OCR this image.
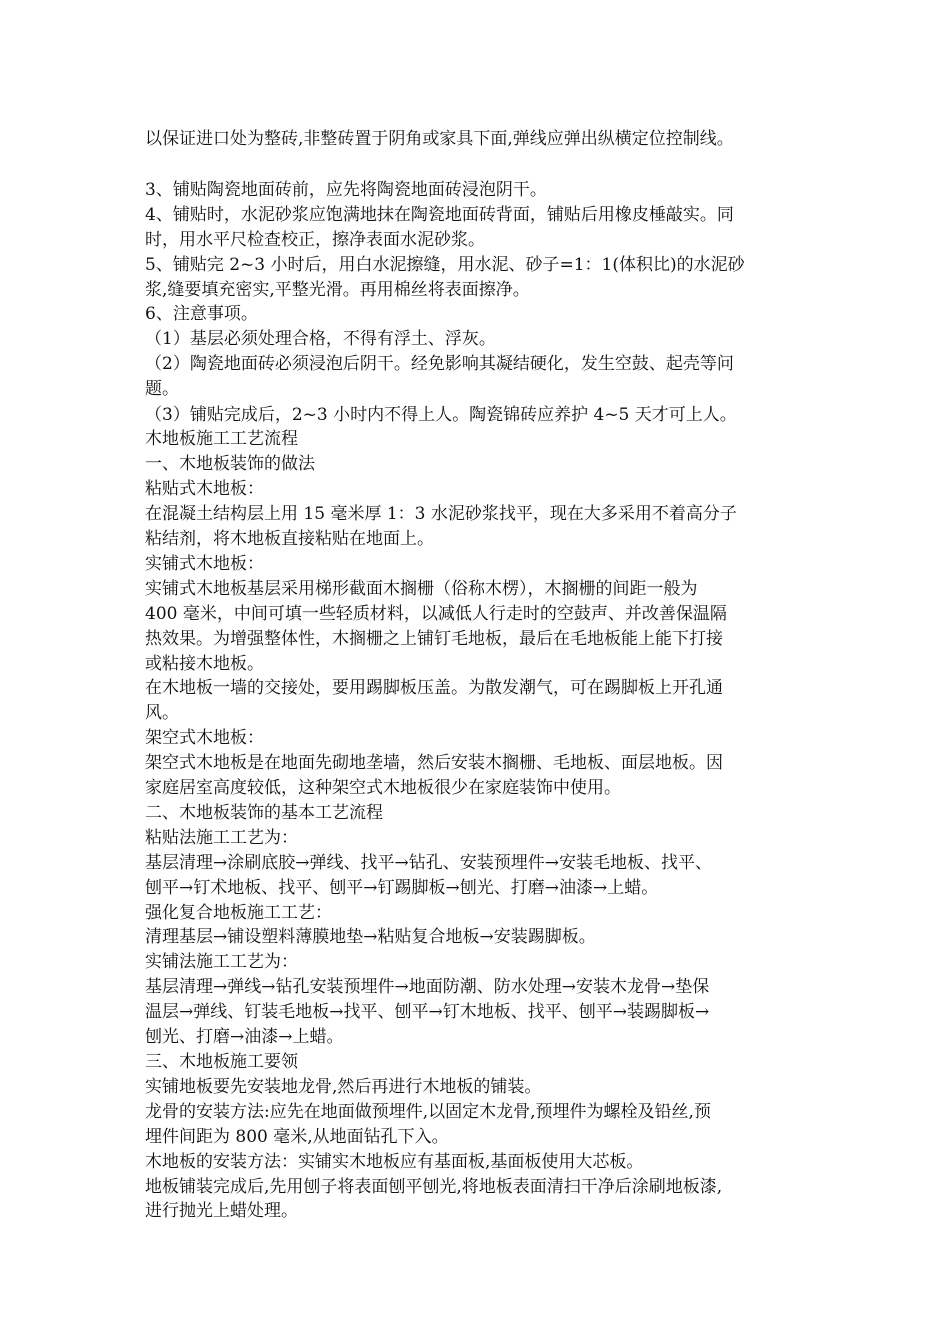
以保证进口处为整砖,非整砖置于阴角或家具下面,弹线应弹出纵横定位控制线。
3、铺贴陶瓷地面砖前，应先将陶瓷地面砖浸泡阴干。
4、铺贴时，水泥砂浆应饱满地抹在陶瓷地面砖背面，铺贴后用橡皮棰敲实。同
时，用水平尺检查校正，擦净表面水泥砂浆。
5、铺贴完 2~3 小时后，用白水泥擦缝，用水泥、砂子=1：1(体积比)的水泥砂
浆,缝要填充密实,平整光滑。再用棉丝将表面擦净。
6、注意事项。
（1）基层必须处理合格，不得有浮土、浮灰。
（2）陶瓷地面砖必须浸泡后阴干。经免影响其凝结硬化，发生空鼓、起壳等问
题。
（3）铺贴完成后，2~3 小时内不得上人。陶瓷锦砖应养护 4~5 天才可上人。
木地板施工工艺流程
一、木地板装饰的做法
粘贴式木地板：
在混凝土结构层上用 15 毫米厚 1：3 水泥砂浆找平，现在大多采用不着高分子
粘结剂，将木地板直接粘贴在地面上。
实铺式木地板：
实铺式木地板基层采用梯形截面木搁栅（俗称木楞），木搁栅的间距一般为
400 毫米，中间可填一些轻质材料，以减低人行走时的空鼓声、并改善保温隔
热效果。为增强整体性，木搁栅之上铺钉毛地板，最后在毛地板能上能下打接
或粘接木地板。
在木地板一墙的交接处，要用踢脚板压盖。为散发潮气，可在踢脚板上开孔通
风。
架空式木地板：
架空式木地板是在地面先砌地垄墙，然后安装木搁栅、毛地板、面层地板。因
家庭居室高度较低，这种架空式木地板很少在家庭装饰中使用。
二、木地板装饰的基本工艺流程
粘贴法施工工艺为：
基层清理→涂刷底胶→弹线、找平→钻孔、安装预埋件→安装毛地板、找平、
刨平→钉术地板、找平、刨平→钉踢脚板→刨光、打磨→油漆→上蜡。
强化复合地板施工工艺：
清理基层→铺设塑料薄膜地垫→粘贴复合地板→安装踢脚板。
实铺法施工工艺为：
基层清理→弹线→钻孔安装预埋件→地面防潮、防水处理→安装木龙骨→垫保
温层→弹线、钉装毛地板→找平、刨平→钉木地板、找平、刨平→装踢脚板→
刨光、打磨→油漆→上蜡。
三、木地板施工要领
实铺地板要先安装地龙骨,然后再进行木地板的铺装。
龙骨的安装方法:应先在地面做预埋件,以固定木龙骨,预埋件为螺栓及铅丝,预
埋件间距为 800 毫米,从地面钻孔下入。
木地板的安装方法：实铺实木地板应有基面板,基面板使用大芯板。
地板铺装完成后,先用刨子将表面刨平刨光,将地板表面清扫干净后涂刷地板漆,
进行抛光上蜡处理。
